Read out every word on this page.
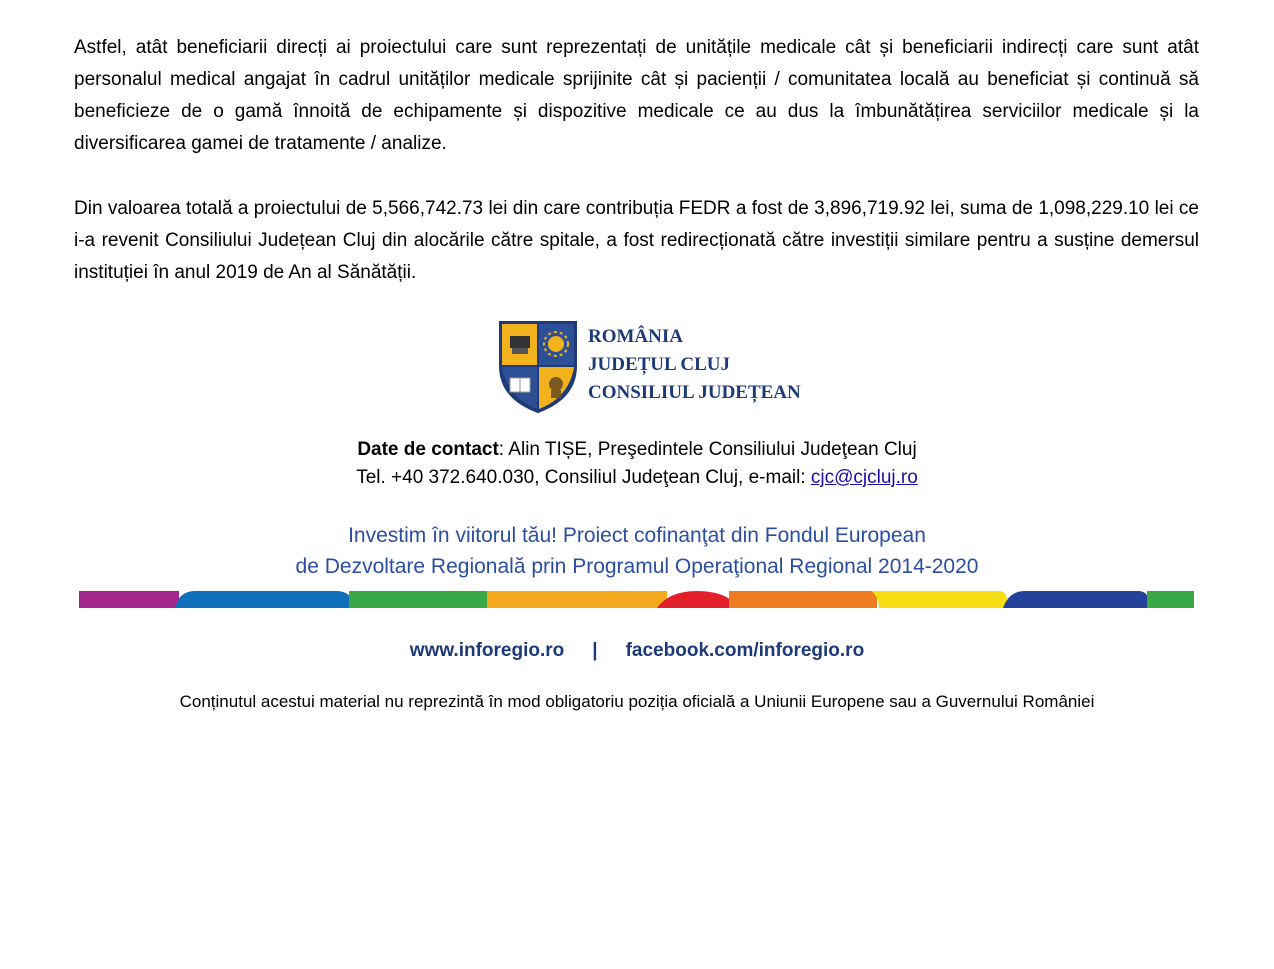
Astfel, atât beneficiarii direcți ai proiectului care sunt reprezentați de unitățile medicale cât și beneficiarii indirecți care sunt atât personalul medical angajat în cadrul unităților medicale sprijinite cât și pacienții / comunitatea locală au beneficiat și continuă să beneficieze de o gamă înnoită de echipamente și dispozitive medicale ce au dus la îmbunătățirea serviciilor medicale și la diversificarea gamei de tratamente / analize.

Din valoarea totală a proiectului de 5,566,742.73 lei din care contribuția FEDR a fost de 3,896,719.92 lei, suma de 1,098,229.10 lei ce i-a revenit Consiliului Județean Cluj din alocările către spitale, a fost redirecționată către investiții similare pentru a susține demersul instituției în anul 2019 de An al Sănătății.

ROMÂNIA
JUDEȚUL CLUJ
CONSILIUL JUDEȚEAN
Date de contact: Alin TIȘE, Preşedintele Consiliului Judeţean Cluj
Tel. +40 372.640.030, Consiliul Judeţean Cluj, e-mail: cjc@cjcluj.ro
Investim în viitorul tău! Proiect cofinanţat din Fondul European
de Dezvoltare Regională prin Programul Operaţional Regional 2014-2020
www.inforegio.ro | facebook.com/inforegio.ro
Conținutul acestui material nu reprezintă în mod obligatoriu poziția oficială a Uniunii Europene sau a Guvernului României
